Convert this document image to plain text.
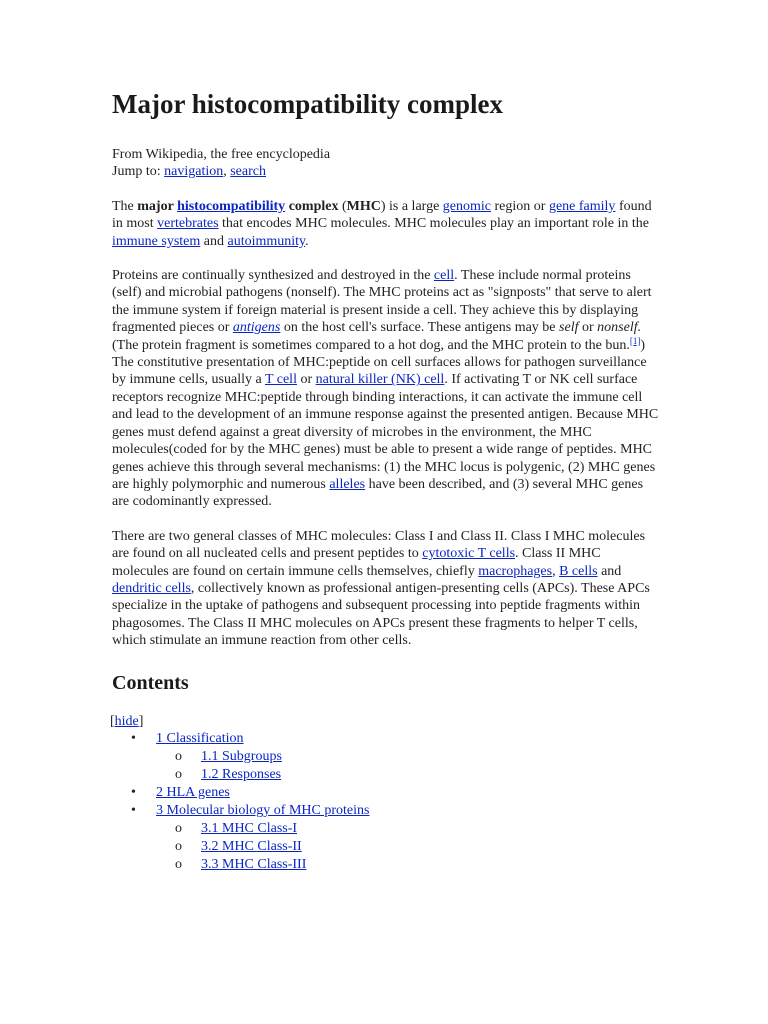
Major histocompatibility complex

From Wikipedia, the free encyclopedia

Jump to: navigation, search

The major histocompatibility complex (MHC) is a large genomic region or gene family found in most vertebrates that encodes MHC molecules. MHC molecules play an important role in the immune system and autoimmunity.

Proteins are continually synthesized and destroyed in the cell. These include normal proteins (self) and microbial pathogens (nonself). The MHC proteins act as "signposts" that serve to alert the immune system if foreign material is present inside a cell. They achieve this by displaying fragmented pieces or antigens on the host cell's surface. These antigens may be self or nonself. (The protein fragment is sometimes compared to a hot dog, and the MHC protein to the bun.[1]) The constitutive presentation of MHC:peptide on cell surfaces allows for pathogen surveillance by immune cells, usually a T cell or natural killer (NK) cell. If activating T or NK cell surface receptors recognize MHC:peptide through binding interactions, it can activate the immune cell and lead to the development of an immune response against the presented antigen. Because MHC genes must defend against a great diversity of microbes in the environment, the MHC molecules(coded for by the MHC genes) must be able to present a wide range of peptides. MHC genes achieve this through several mechanisms: (1) the MHC locus is polygenic, (2) MHC genes are highly polymorphic and numerous alleles have been described, and (3) several MHC genes are codominantly expressed.

There are two general classes of MHC molecules: Class I and Class II. Class I MHC molecules are found on all nucleated cells and present peptides to cytotoxic T cells. Class II MHC molecules are found on certain immune cells themselves, chiefly macrophages, B cells and dendritic cells, collectively known as professional antigen-presenting cells (APCs). These APCs specialize in the uptake of pathogens and subsequent processing into peptide fragments within phagosomes. The Class II MHC molecules on APCs present these fragments to helper T cells, which stimulate an immune reaction from other cells.

Contents

[hide]

• 1 Classification
o 1.1 Subgroups
o 1.2 Responses
• 2 HLA genes
• 3 Molecular biology of MHC proteins
o 3.1 MHC Class-I
o 3.2 MHC Class-II
o 3.3 MHC Class-III
